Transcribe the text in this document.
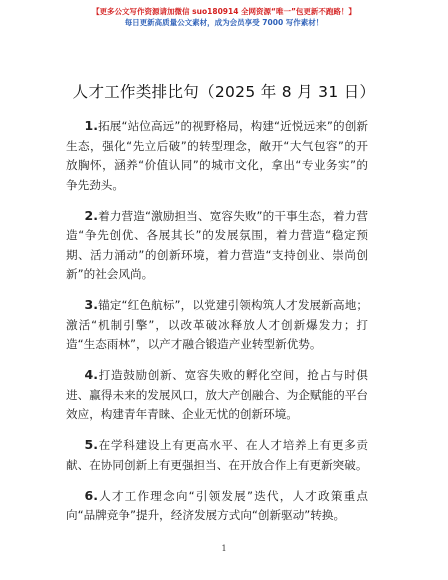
【更多公文写作资源请加微信 suo180914 全网资源“唯一”包更新不跑路！】
每日更新高质量公文素材，成为会员享受 7000 写作素材！
人才工作类排比句（2025 年 8 月 31 日）

1.拓展“站位高远”的视野格局，构建“近悦远来”的创新生态，强化“先立后破”的转型理念，敞开“大气包容”的开放胸怀，涵养“价值认同”的城市文化，拿出“专业务实”的争先劲头。

2.着力营造“激励担当、宽容失败”的干事生态，着力营造“争先创优、各展其长”的发展氛围，着力营造“稳定预期、活力涌动”的创新环境，着力营造“支持创业、崇尚创新”的社会风尚。

3.锚定“红色航标”，以党建引领构筑人才发展新高地；激活“机制引擎”，以改革破冰释放人才创新爆发力；打造“生态雨林”，以产才融合锻造产业转型新优势。

4.打造鼓励创新、宽容失败的孵化空间，抢占与时俱进、赢得未来的发展风口，放大产创融合、为企赋能的平台效应，构建青年青睐、企业无忧的创新环境。

5.在学科建设上有更高水平、在人才培养上有更多贡献、在协同创新上有更强担当、在开放合作上有更新突破。

6.人才工作理念向“引领发展”迭代，人才政策重点向“品牌竞争”提升，经济发展方式向“创新驱动”转换。

1
